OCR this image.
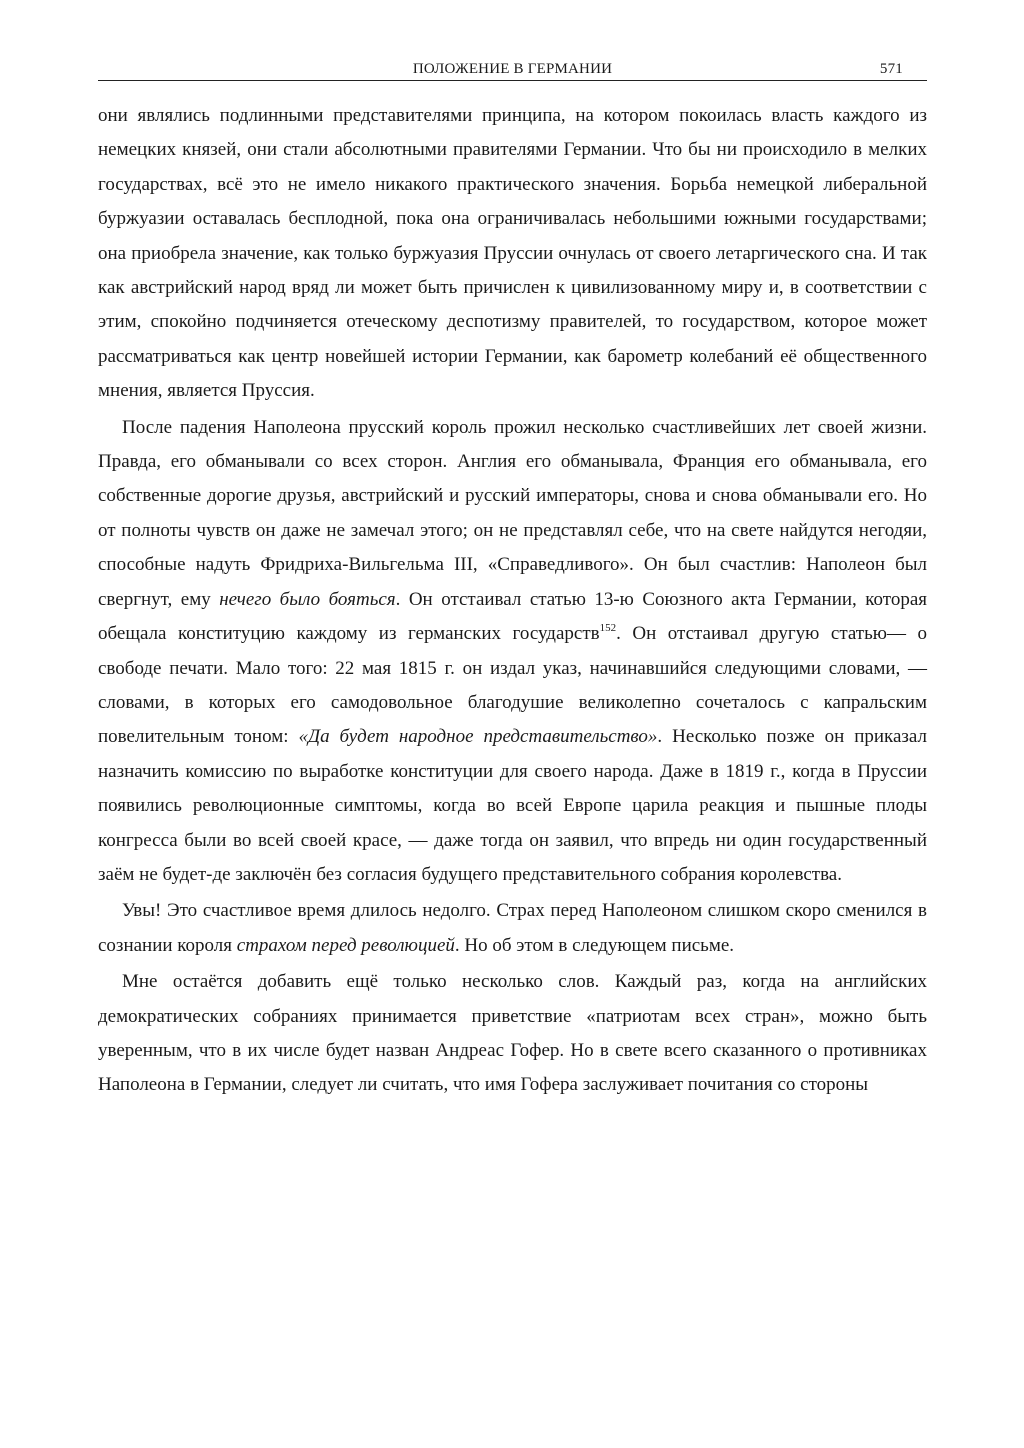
ПОЛОЖЕНИЕ В ГЕРМАНИИ	571

они являлись подлинными представителями принципа, на котором покоилась власть каждого из немецких князей, они стали абсолютными правителями Германии. Что бы ни происходило в мелких государствах, всё это не имело никакого практического значения. Борьба немецкой либеральной буржуазии оставалась бесплодной, пока она ограничивалась небольшими южными государствами; она приобрела значение, как только буржуазия Пруссии очнулась от своего летаргического сна. И так как австрийский народ вряд ли может быть причислен к цивилизованному миру и, в соответствии с этим, спокойно подчиняется отеческому деспотизму правителей, то государством, которое может рассматриваться как центр новейшей истории Германии, как барометр колебаний её общественного мнения, является Пруссия.

После падения Наполеона прусский король прожил несколько счастливейших лет своей жизни. Правда, его обманывали со всех сторон. Англия его обманывала, Франция его обманывала, его собственные дорогие друзья, австрийский и русский императоры, снова и снова обманывали его. Но от полноты чувств он даже не замечал этого; он не представлял себе, что на свете найдутся негодяи, способные надуть Фридриха-Вильгельма III, «Справедливого». Он был счастлив: Наполеон был свергнут, ему нечего было бояться. Он отстаивал статью 13-ю Союзного акта Германии, которая обещала конституцию каждому из германских государств$^{152}$. Он отстаивал другую статью— о свободе печати. Мало того: 22 мая 1815 г. он издал указ, начинавшийся следующими словами, — словами, в которых его самодовольное благодушие великолепно сочеталось с капральским повелительным тоном: «Да будет народное представительство». Несколько позже он приказал назначить комиссию по выработке конституции для своего народа. Даже в 1819 г., когда в Пруссии появились революционные симптомы, когда во всей Европе царила реакция и пышные плоды конгресса были во всей своей красе, — даже тогда он заявил, что впредь ни один государственный заём не будет-де заключён без согласия будущего представительного собрания королевства.

Увы! Это счастливое время длилось недолго. Страх перед Наполеоном слишком скоро сменился в сознании короля страхом перед революцией. Но об этом в следующем письме.

Мне остаётся добавить ещё только несколько слов. Каждый раз, когда на английских демократических собраниях принимается приветствие «патриотам всех стран», можно быть уверенным, что в их числе будет назван Андреас Гофер. Но в свете всего сказанного о противниках Наполеона в Германии, следует ли считать, что имя Гофера заслуживает почитания со стороны
